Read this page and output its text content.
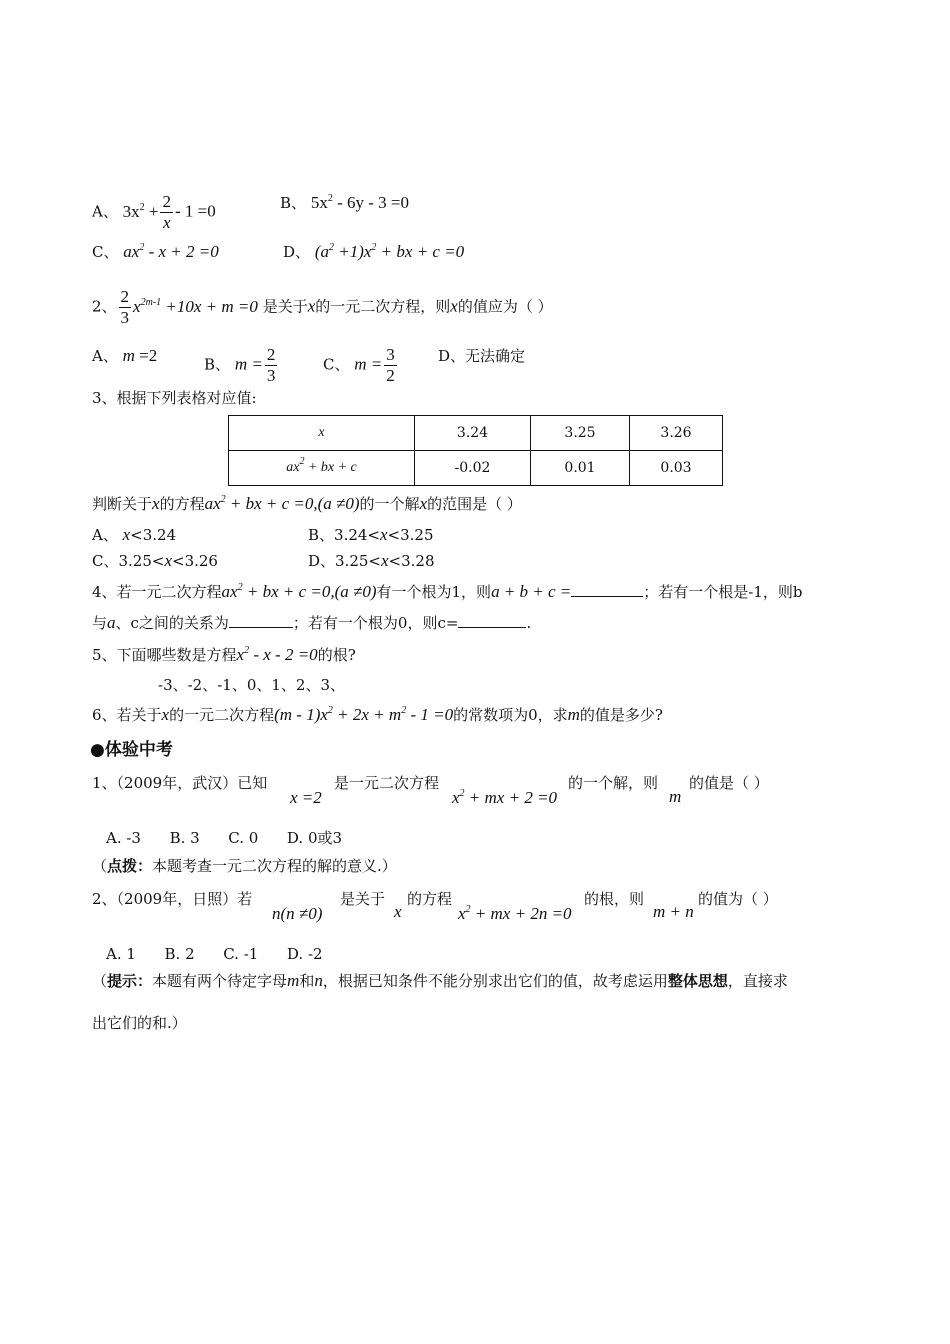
A、 $3x^2 + \frac{2}{x} - 1 =0$	B、 $5x^2 - 6y - 3 =0$
C、 $ax^2 - x + 2 =0$	D、 $(a^2 +1)x^2$ + bx + c =0
2、 $\frac{2}{3} x^{2m-1} +10x + m =0$ 是关于x的一元二次方程，则x的值应为（ ）
A、 m =2	B、 $m = \frac{2}{3}$	C、 $m = \frac{3}{2}$	D、无法确定
3、根据下列表格对应值:
x	3.24	3.25	3.26
$ax^2$ + bx + c	-0.02	0.01	0.03
判断关于x的方程$ax^2$ + bx + c =0,(a ≠0)的一个解x的范围是（ ）
A、 x<3.24	B、3.24<x<3.25
C、3.25<x<3.26	D、3.25<x<3.28
4、若一元二次方程$ax^2$ + bx + c =0,(a ≠0)有一个根为1，则a + b + c =	；若有一个根是-1，则b
与a、c之间的关系为	；若有一个根为0，则c=	.
5、下面哪些数是方程$x^2 - x - 2 =0$的根?
-3、-2、-1、0、1、2、3、
6、若关于x的一元二次方程$(m - 1)x^2 + 2x + m^2 - 1 =0$的常数项为0，求m的值是多少?
●体验中考
1、（2009年，武汉）已知
x =2
是一元二次方程
$x^2$ + mx + 2 =0
的一个解，则
m
的值是（ ）
A. -3      B. 3      C. 0      D. 0或3
（点拨：本题考查一元二次方程的解的意义.）
2、（2009年，日照）若
n(n ≠0)
是关于
x
的方程
$x^2$ + mx + 2n =0
的根，则
m + n
的值为（ ）
A. 1      B. 2      C. -1      D. -2
（提示：本题有两个待定字母m和n，根据已知条件不能分别求出它们的值，故考虑运用整体思想，直接求
出它们的和.）
